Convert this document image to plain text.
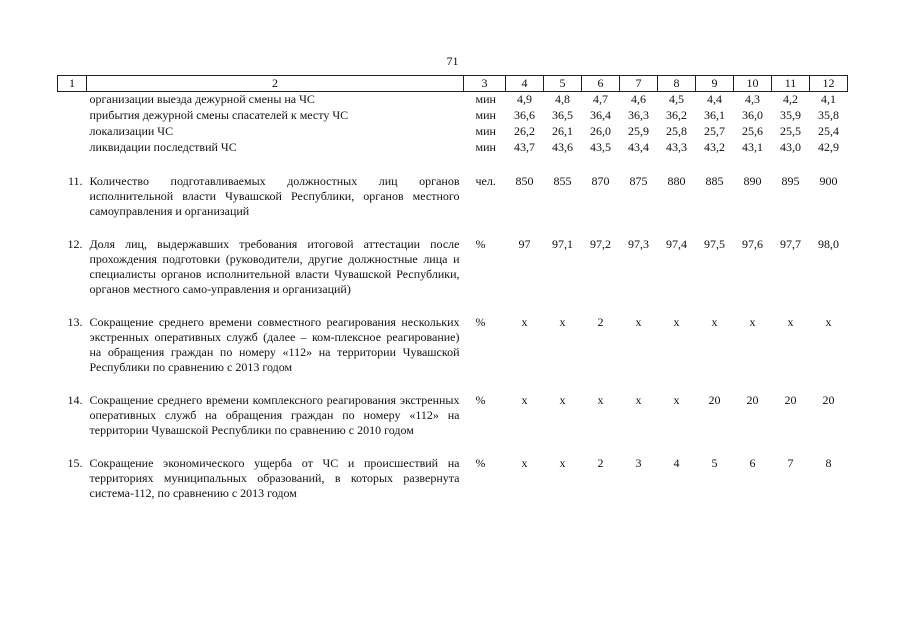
71
1	2	3	4	5	6	7	8	9	10	11	12
	организации выезда дежурной смены на ЧС	мин	4,9	4,8	4,7	4,6	4,5	4,4	4,3	4,2	4,1
	прибытия дежурной смены спасателей к месту ЧС	мин	36,6	36,5	36,4	36,3	36,2	36,1	36,0	35,9	35,8
	локализации ЧС	мин	26,2	26,1	26,0	25,9	25,8	25,7	25,6	25,5	25,4
	ликвидации последствий ЧС	мин	43,7	43,6	43,5	43,4	43,3	43,2	43,1	43,0	42,9

11.	Количество подготавливаемых должностных лиц органов исполнительной власти Чувашской Республики, органов местного самоуправления и организаций	чел.	850	855	870	875	880	885	890	895	900

12.	Доля лиц, выдержавших требования итоговой аттестации после прохождения подготовки (руководители, другие должностные лица и специалисты органов исполнительной власти Чувашской Республики, органов местного само-управления и организаций)	%	97	97,1	97,2	97,3	97,4	97,5	97,6	97,7	98,0

13.	Сокращение среднего времени совместного реагирования нескольких экстренных оперативных служб (далее – ком-плексное реагирование) на обращения граждан по номеру «112» на территории Чувашской Республики по сравнению с 2013 годом	%	х	х	2	х	х	х	х	х	х

14.	Сокращение среднего времени комплексного реагирования экстренных оперативных служб на обращения граждан по номеру «112» на территории Чувашской Республики по сравнению с 2010 годом	%	х	х	х	х	х	20	20	20	20

15.	Сокращение экономического ущерба от ЧС и происшествий на территориях муниципальных образований, в которых развернута система-112, по сравнению с 2013 годом	%	х	х	2	3	4	5	6	7	8
